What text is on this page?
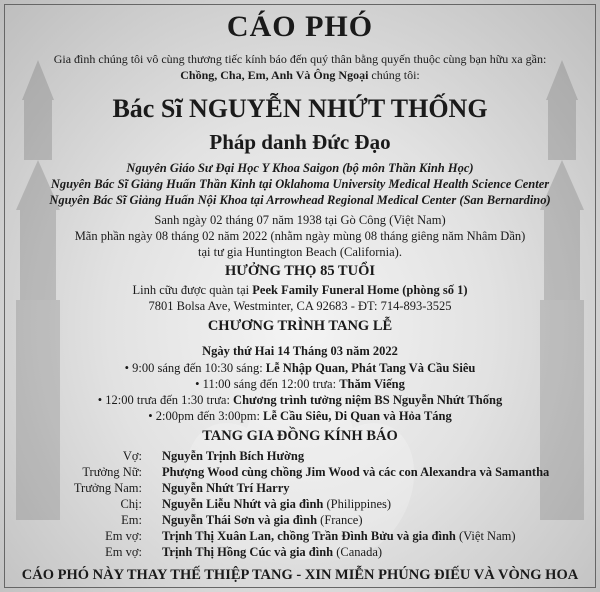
CÁO PHÓ
Gia đình chúng tôi vô cùng thương tiếc kính báo đến quý thân bằng quyến thuộc cùng bạn hữu xa gần:
Chồng, Cha, Em, Anh Và Ông Ngoại chúng tôi:
Bác Sĩ NGUYỄN NHỨT THỐNG
Pháp danh Đức Đạo
Nguyên Giáo Sư Đại Học Y Khoa Saigon (bộ môn Thần Kinh Học)
Nguyên Bác Sĩ Giảng Huấn Thần Kinh tại Oklahoma University Medical Health Science Center
Nguyên Bác Sĩ Giảng Huấn Nội Khoa tại Arrowhead Regional Medical Center (San Bernardino)
Sanh ngày 02 tháng 07 năm 1938 tại Gò Công (Việt Nam)
Mãn phần ngày 08 tháng 02 năm 2022 (nhằm ngày mùng 08 tháng giêng năm Nhâm Dần)
tại tư gia Huntington Beach (California).
HƯỞNG THỌ 85 TUỔI
Linh cữu được quàn tại Peek Family Funeral Home (phòng số 1)
7801 Bolsa Ave, Westminter, CA 92683 - ĐT: 714-893-3525
CHƯƠNG TRÌNH TANG LỄ
Ngày thứ Hai 14 Tháng 03 năm 2022
• 9:00 sáng đến 10:30 sáng: Lễ Nhập Quan, Phát Tang Và Cầu Siêu
• 11:00 sáng đến 12:00 trưa: Thăm Viếng
• 12:00 trưa đến 1:30 trưa: Chương trình tưởng niệm BS Nguyễn Nhứt Thống
• 2:00pm đến 3:00pm: Lễ Cầu Siêu, Di Quan và Hỏa Táng
TANG GIA ĐỒNG KÍNH BÁO
Vợ: Nguyễn Trịnh Bích Hường
Trưởng Nữ: Phượng Wood cùng chồng Jim Wood và các con Alexandra và Samantha
Trưởng Nam: Nguyễn Nhứt Trí Harry
Chị: Nguyễn Liễu Nhứt và gia đình (Philippines)
Em: Nguyễn Thái Sơn và gia đình (France)
Em vợ: Trịnh Thị Xuân Lan, chồng Trần Đình Bửu và gia đình (Việt Nam)
Em vợ: Trịnh Thị Hồng Cúc và gia đình (Canada)
CÁO PHÓ NÀY THAY THẾ THIỆP TANG - XIN MIỄN PHÚNG ĐIẾU VÀ VÒNG HOA
